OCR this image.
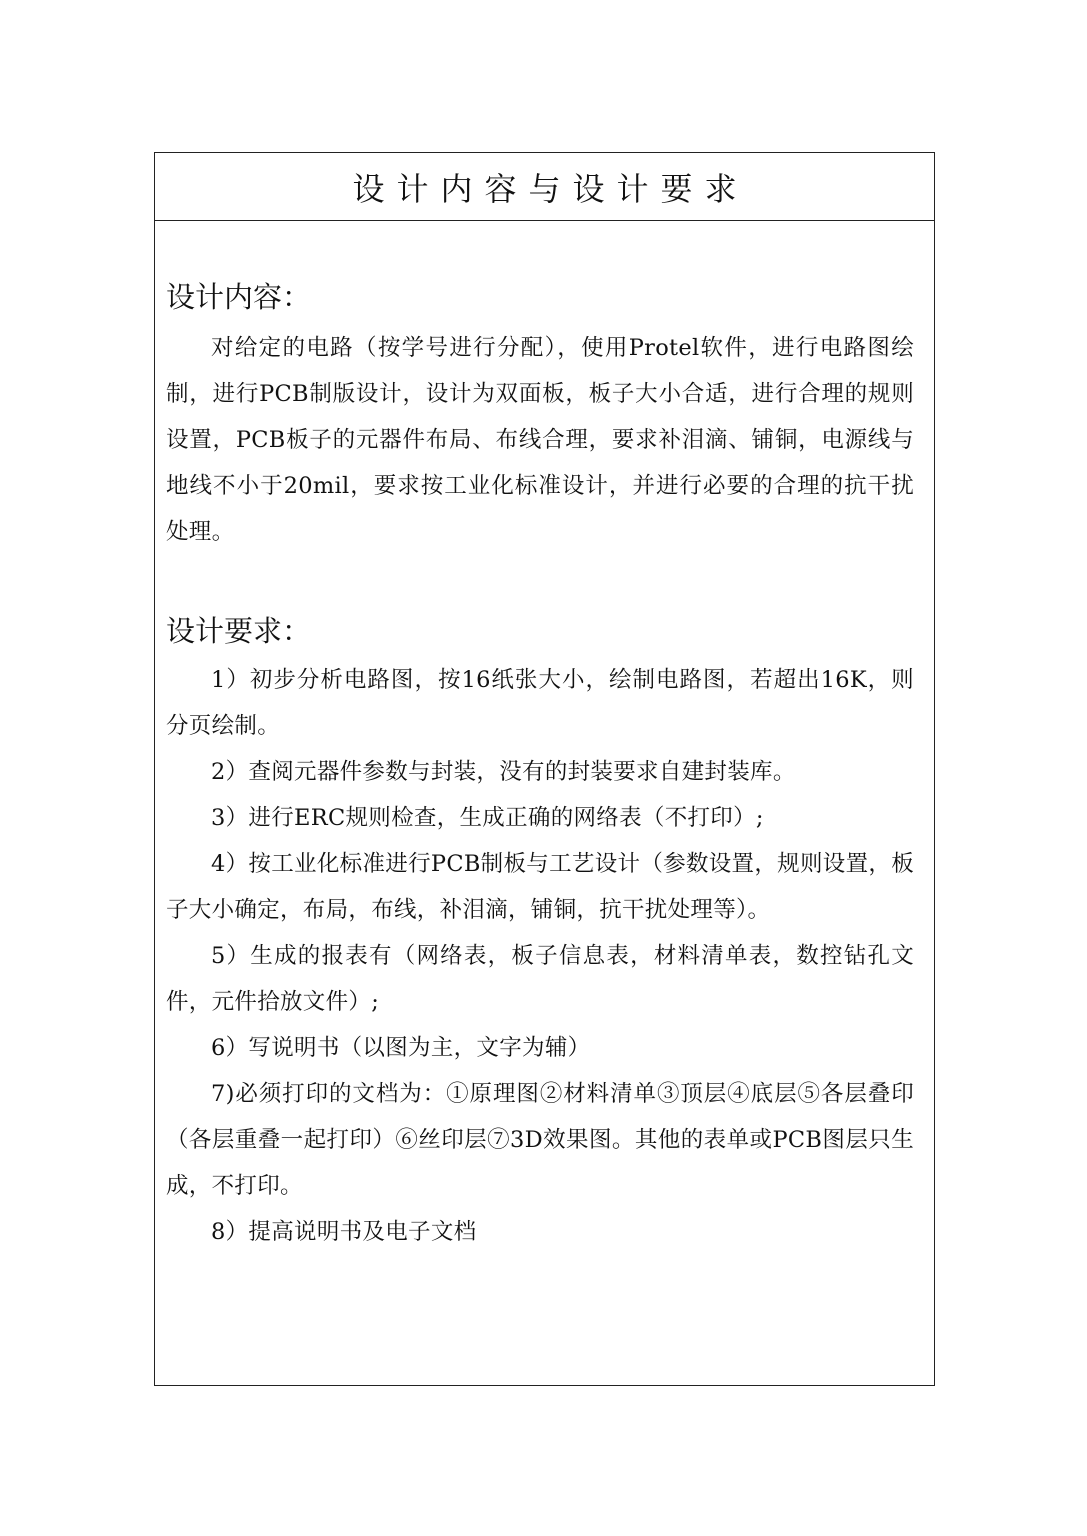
设计内容与设计要求
设计内容：

对给定的电路（按学号进行分配），使用Protel软件，进行电路图绘制，进行PCB制版设计，设计为双面板，板子大小合适，进行合理的规则设置，PCB板子的元器件布局、布线合理，要求补泪滴、铺铜，电源线与地线不小于20mil，要求按工业化标准设计，并进行必要的合理的抗干扰处理。

设计要求：

1）初步分析电路图，按16纸张大小，绘制电路图，若超出16K，则分页绘制。

2）查阅元器件参数与封装，没有的封装要求自建封装库。

3）进行ERC规则检查，生成正确的网络表（不打印）;

4）按工业化标准进行PCB制板与工艺设计（参数设置，规则设置，板子大小确定，布局，布线，补泪滴，铺铜，抗干扰处理等）。

5）生成的报表有（网络表，板子信息表，材料清单表，数控钻孔文件，元件拾放文件）;

6）写说明书（以图为主，文字为辅）

7)必须打印的文档为：①原理图②材料清单③顶层④底层⑤各层叠印（各层重叠一起打印）⑥丝印层⑦3D效果图。其他的表单或PCB图层只生成，不打印。

8）提高说明书及电子文档
